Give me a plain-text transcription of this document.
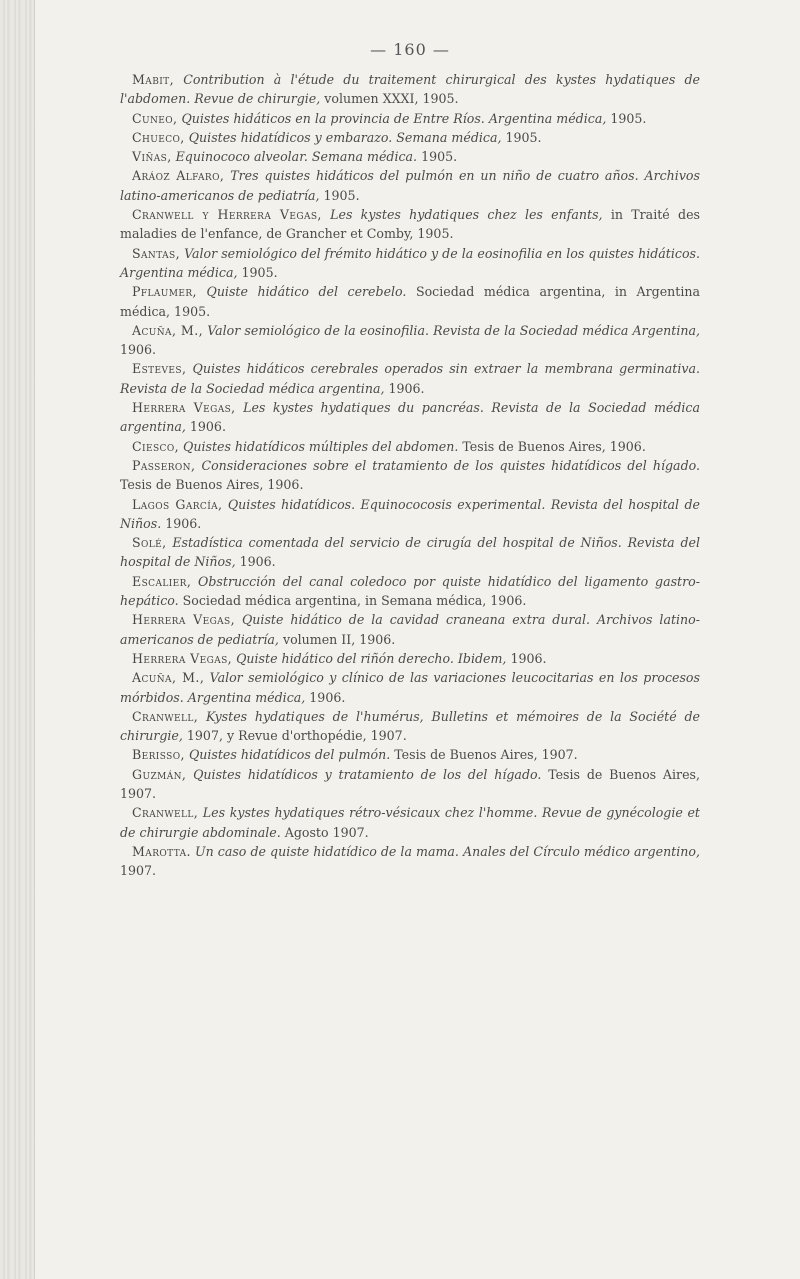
— 160 —

Mabit, Contribution à l'étude du traitement chirurgical des kystes hydatiques de l'abdomen. Revue de chirurgie, volumen XXXI, 1905.

Cuneo, Quistes hidáticos en la provincia de Entre Ríos. Argentina médica, 1905.

Chueco, Quistes hidatídicos y embarazo. Semana médica, 1905.

Viñas, Equinococo alveolar. Semana médica. 1905.

Aráoz Alfaro, Tres quistes hidáticos del pulmón en un niño de cuatro años. Archivos latino-americanos de pediatría, 1905.

Cranwell y Herrera Vegas, Les kystes hydatiques chez les enfants, in Traité des maladies de l'enfance, de Grancher et Comby, 1905.

Santas, Valor semiológico del frémito hidático y de la eosinofilia en los quistes hidáticos. Argentina médica, 1905.

Pflaumer, Quiste hidático del cerebelo. Sociedad médica argentina, in Argentina médica, 1905.

Acuña, M., Valor semiológico de la eosinofilia. Revista de la Sociedad médica Argentina, 1906.

Esteves, Quistes hidáticos cerebrales operados sin extraer la membrana germinativa. Revista de la Sociedad médica argentina, 1906.

Herrera Vegas, Les kystes hydatiques du pancréas. Revista de la Sociedad médica argentina, 1906.

Ciesco, Quistes hidatídicos múltiples del abdomen. Tesis de Buenos Aires, 1906.

Passeron, Consideraciones sobre el tratamiento de los quistes hidatídicos del hígado. Tesis de Buenos Aires, 1906.

Lagos García, Quistes hidatídicos. Equinococosis experimental. Revista del hospital de Niños. 1906.

Solé, Estadística comentada del servicio de cirugía del hospital de Niños. Revista del hospital de Niños, 1906.

Escalier, Obstrucción del canal coledoco por quiste hidatídico del ligamento gastro-hepático. Sociedad médica argentina, in Semana médica, 1906.

Herrera Vegas, Quiste hidático de la cavidad craneana extra dural. Archivos latino-americanos de pediatría, volumen II, 1906.

Herrera Vegas, Quiste hidático del riñón derecho. Ibidem, 1906.

Acuña, M., Valor semiológico y clínico de las variaciones leucocitarias en los procesos mórbidos. Argentina médica, 1906.

Cranwell, Kystes hydatiques de l'humérus, Bulletins et mémoires de la Société de chirurgie, 1907, y Revue d'orthopédie, 1907.

Berisso, Quistes hidatídicos del pulmón. Tesis de Buenos Aires, 1907.

Guzmán, Quistes hidatídicos y tratamiento de los del hígado. Tesis de Buenos Aires, 1907.

Cranwell, Les kystes hydatiques rétro-vésicaux chez l'homme. Revue de gynécologie et de chirurgie abdominale. Agosto 1907.

Marotta. Un caso de quiste hidatídico de la mama. Anales del Círculo médico argentino, 1907.
